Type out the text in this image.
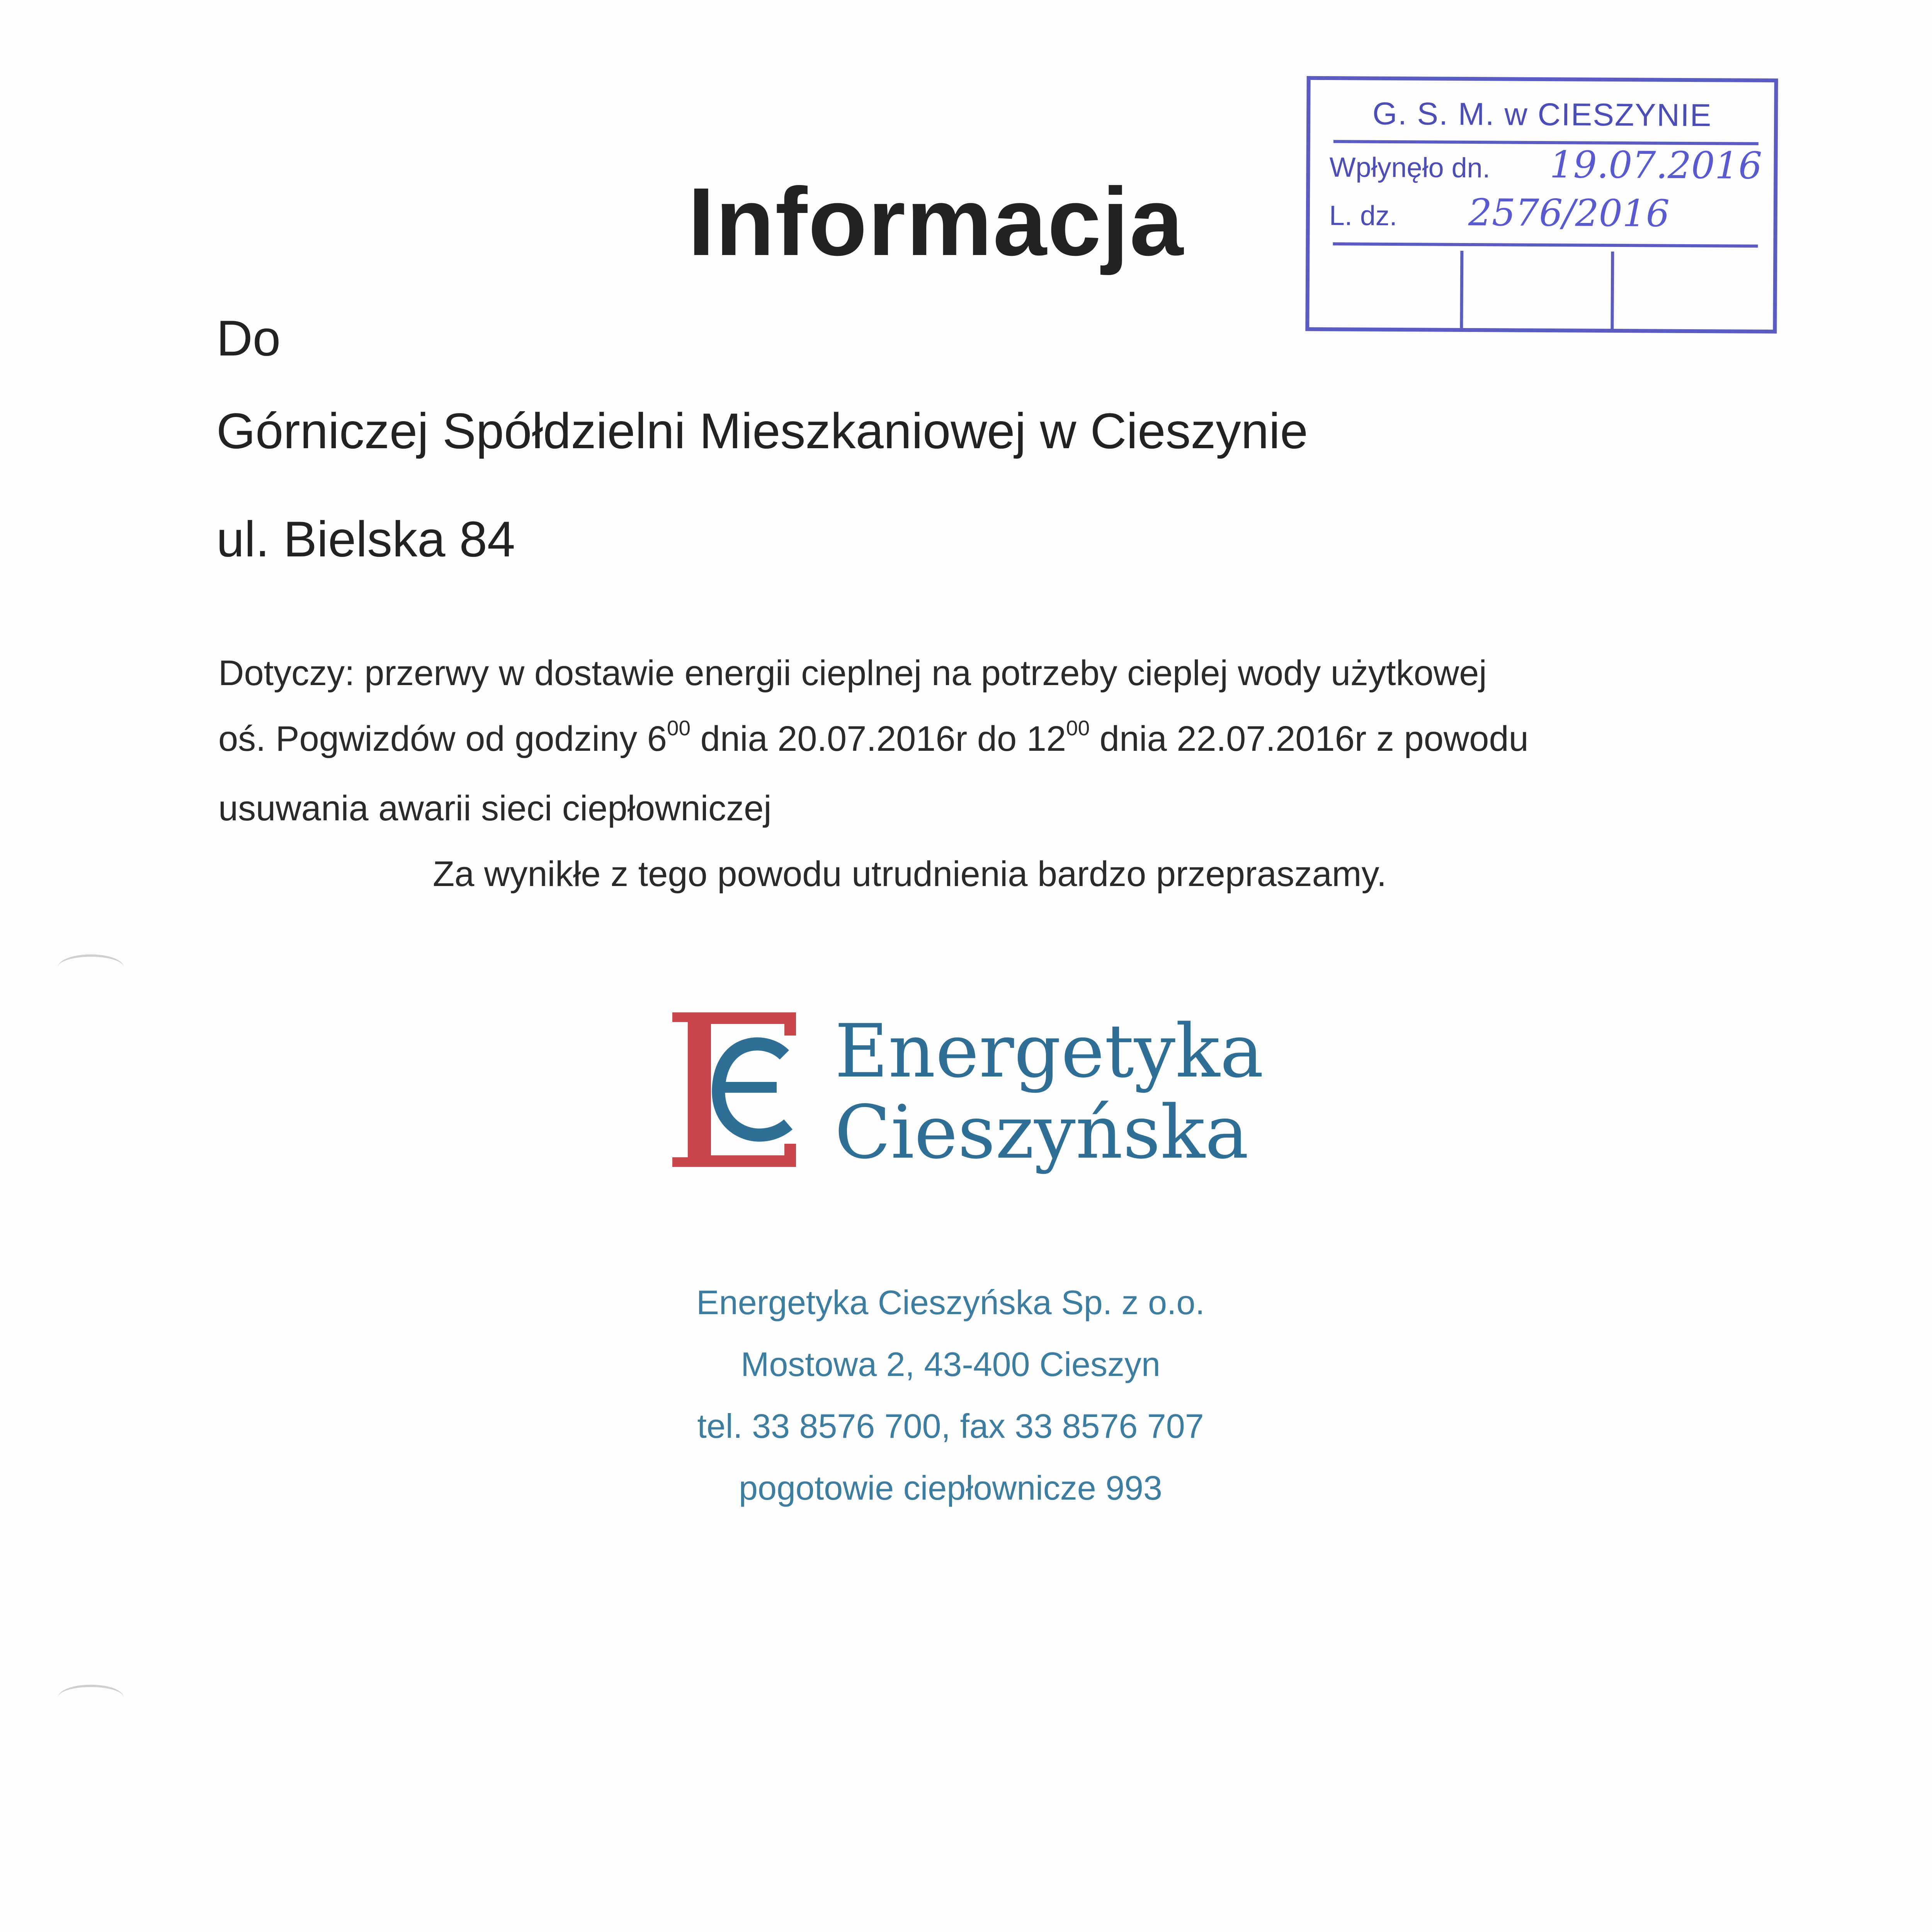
G. S. M. w CIESZYNIE
Wpłynęło dn. 19.07.2016
L. dz. 2576/2016
Informacja
Do
Górniczej Spółdzielni Mieszkaniowej w Cieszynie
ul. Bielska 84
Dotyczy: przerwy w dostawie energii cieplnej na potrzeby cieplej wody użytkowej
oś. Pogwizdów od godziny $6^{00}$ dnia 20.07.2016r do $12^{00}$ dnia 22.07.2016r z powodu
usuwania awarii sieci ciepłowniczej
Za wynikłe z tego powodu utrudnienia bardzo przepraszamy.
Energetyka
Cieszyńska
Energetyka Cieszyńska Sp. z o.o.
Mostowa 2, 43-400 Cieszyn
tel. 33 8576 700, fax 33 8576 707
pogotowie ciepłownicze 993
